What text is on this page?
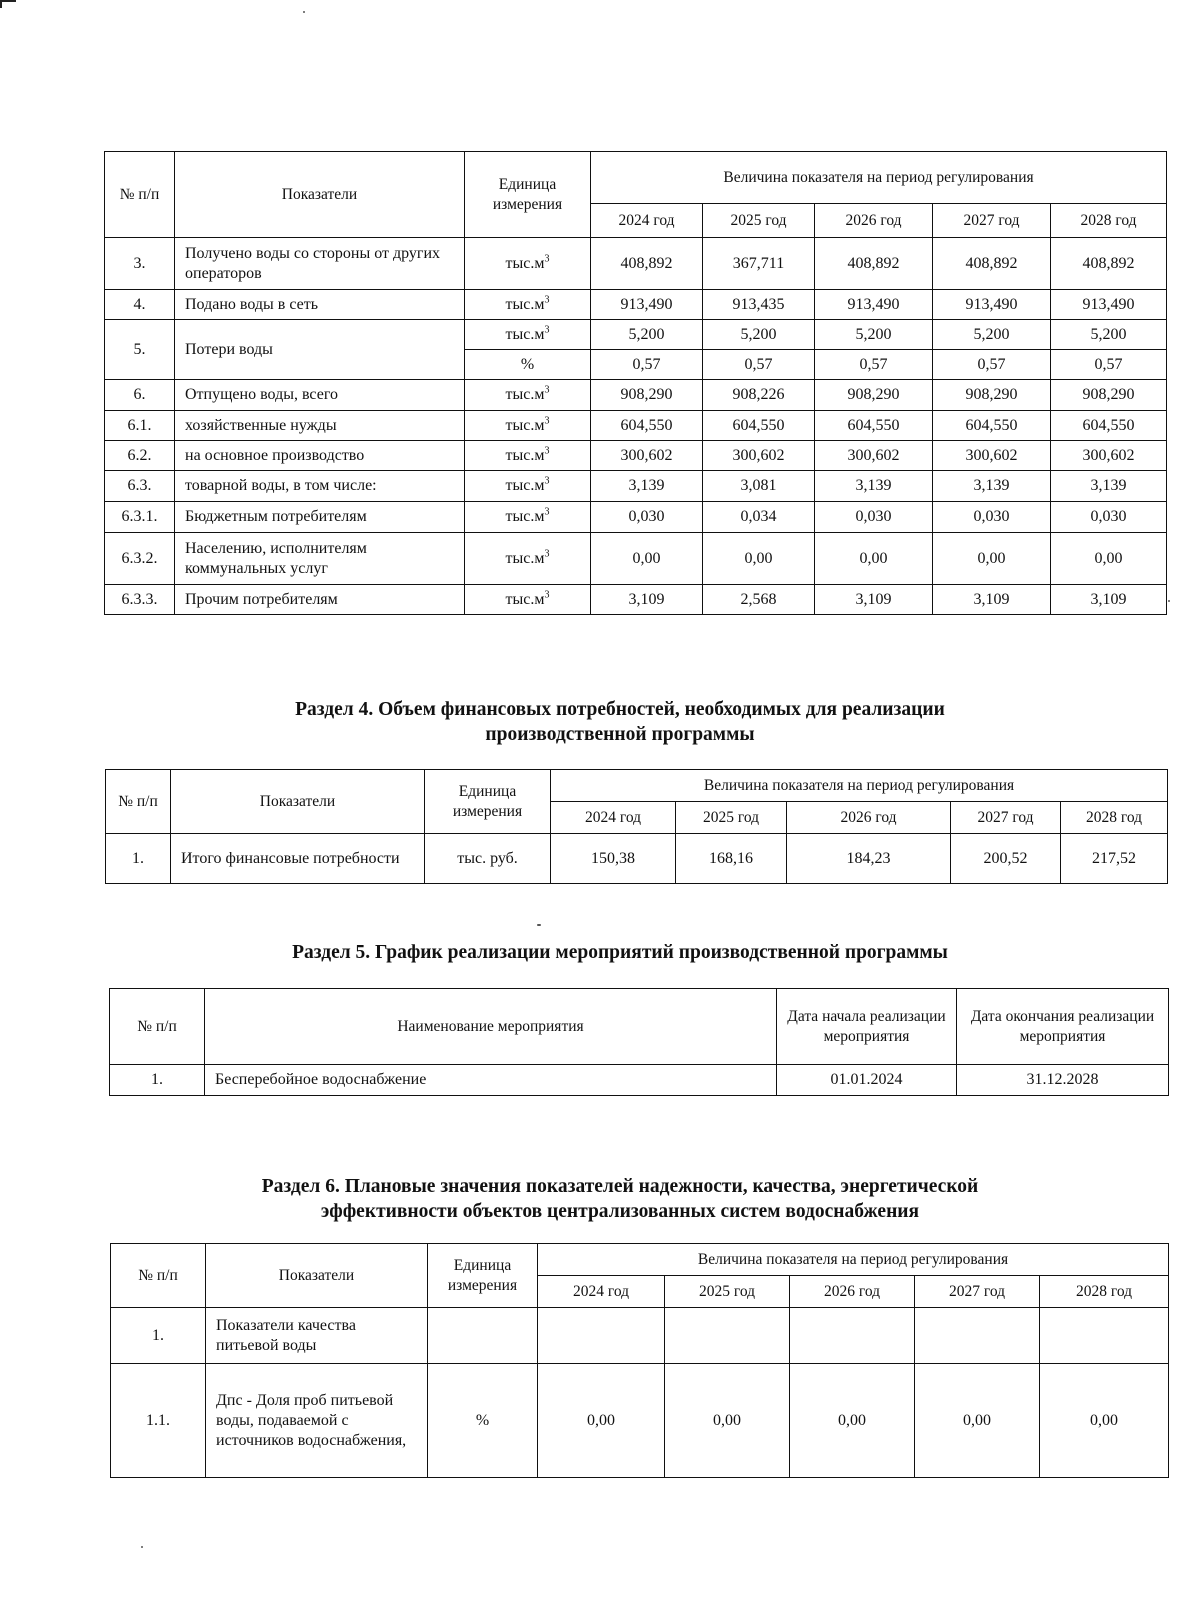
№ п/п	Показатели	Единица измерения	Величина показателя на период регулирования				
			2024 год	2025 год	2026 год	2027 год	2028 год
3.	Получено воды со стороны от других операторов	$тыс.м^3$	408,892	367,711	408,892	408,892	408,892
4.	Подано воды в сеть	$тыс.м^3$	913,490	913,435	913,490	913,490	913,490
5.	Потери воды	$тыс.м^3$	5,200	5,200	5,200	5,200	5,200
		%	0,57	0,57	0,57	0,57	0,57
6.	Отпущено воды, всего	$тыс.м^3$	908,290	908,226	908,290	908,290	908,290
6.1.	хозяйственные нужды	$тыс.м^3$	604,550	604,550	604,550	604,550	604,550
6.2.	на основное производство	$тыс.м^3$	300,602	300,602	300,602	300,602	300,602
6.3.	товарной воды, в том числе:	$тыс.м^3$	3,139	3,081	3,139	3,139	3,139
6.3.1.	Бюджетным потребителям	$тыс.м^3$	0,030	0,034	0,030	0,030	0,030
6.3.2.	Населению, исполнителям коммунальных услуг	$тыс.м^3$	0,00	0,00	0,00	0,00	0,00
6.3.3.	Прочим потребителям	$тыс.м^3$	3,109	2,568	3,109	3,109	3,109
Раздел 4. Объем финансовых потребностей, необходимых для реализации
производственной программы
№ п/п	Показатели	Единица измерения	Величина показателя на период регулирования				
			2024 год	2025 год	2026 год	2027 год	2028 год
1.	Итого финансовые потребности	тыс. руб.	150,38	168,16	184,23	200,52	217,52
Раздел 5. График реализации мероприятий производственной программы
№ п/п	Наименование мероприятия	Дата начала реализации мероприятия	Дата окончания реализации мероприятия
1.	Бесперебойное водоснабжение	01.01.2024	31.12.2028
Раздел 6. Плановые значения показателей надежности, качества, энергетической
эффективности объектов централизованных систем водоснабжения
№ п/п	Показатели	Единица измерения	Величина показателя на период регулирования				
			2024 год	2025 год	2026 год	2027 год	2028 год
1.	Показатели качества питьевой воды						
1.1.	Дпс - Доля проб питьевой воды, подаваемой с источников водоснабжения,	%	0,00	0,00	0,00	0,00	0,00
